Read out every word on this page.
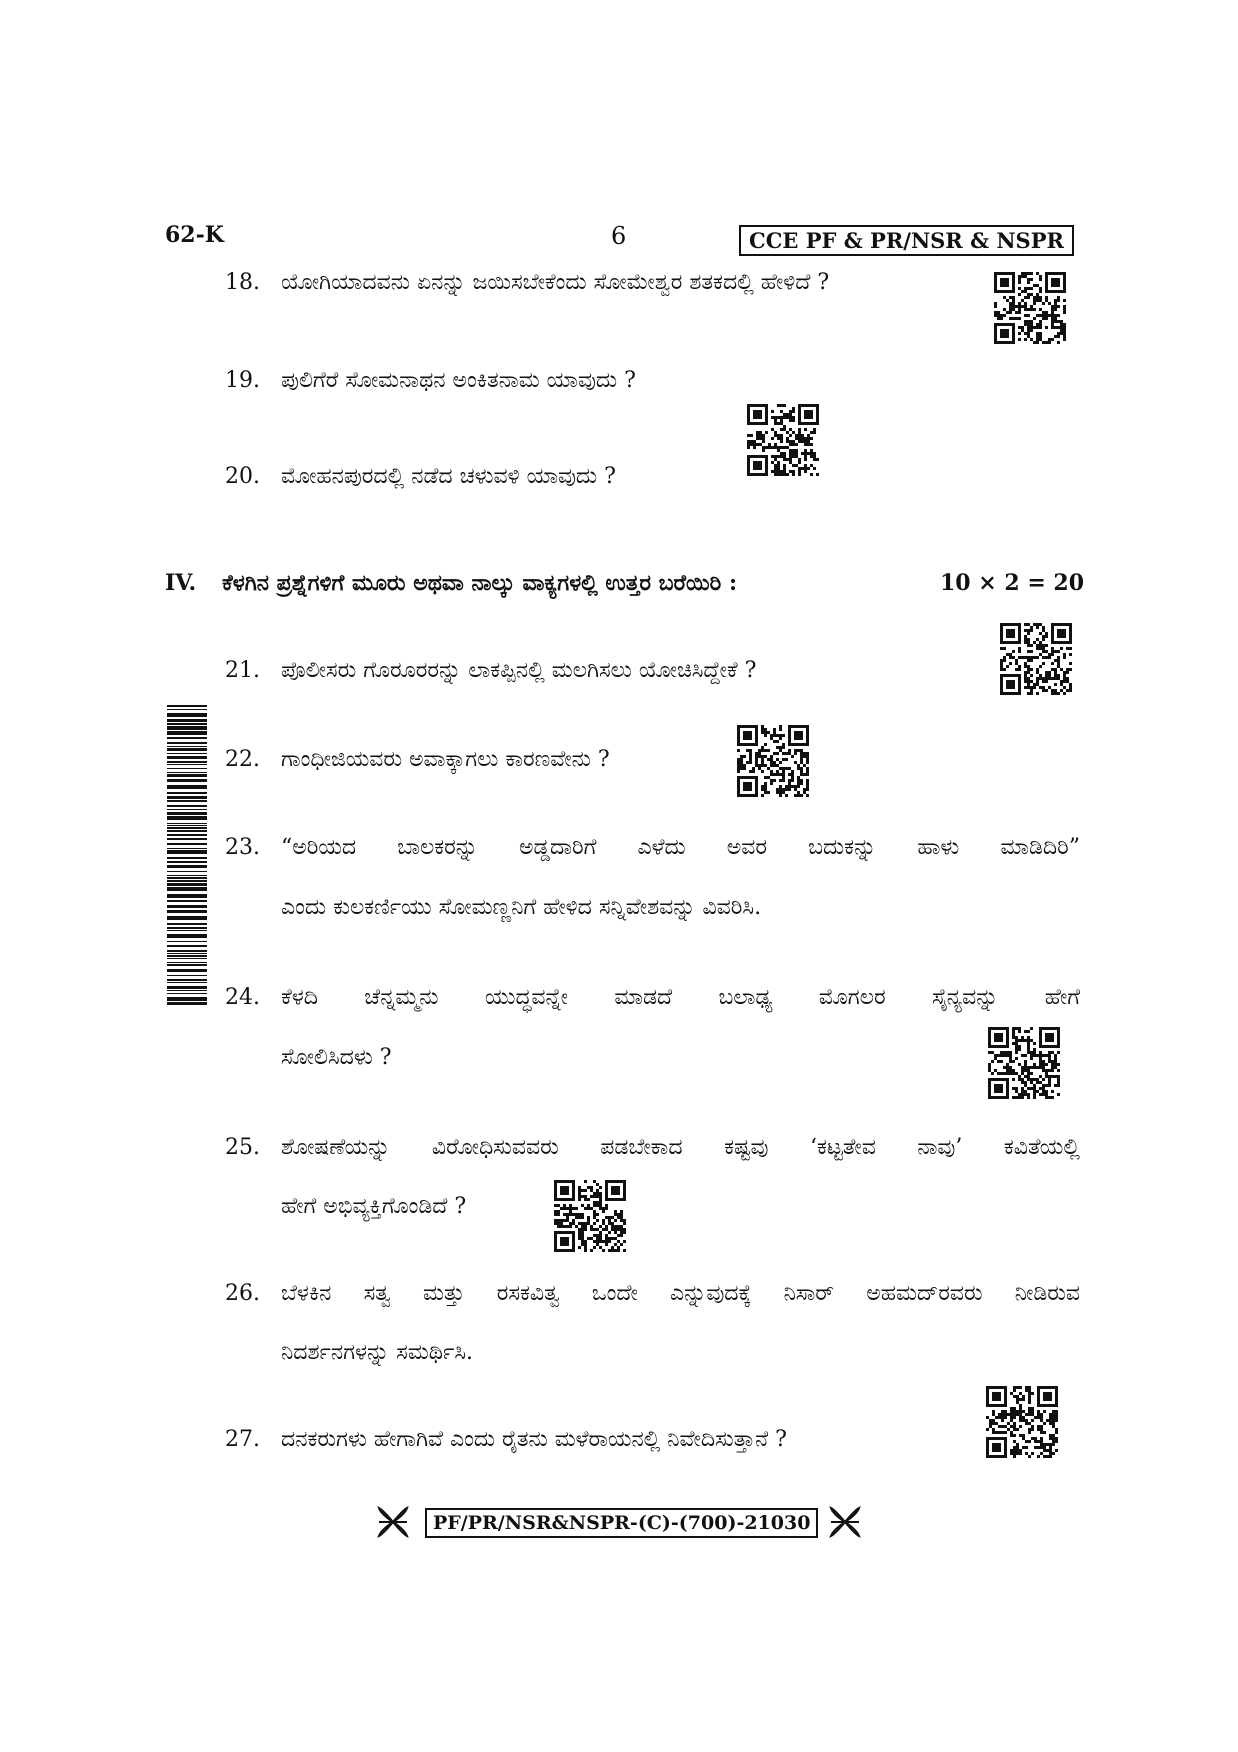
62-K	6	CCE PF & PR/NSR & NSPR
18. ಯೋಗಿಯಾದವನು ಏನನ್ನು ಜಯಿಸಬೇಕೆಂದು ಸೋಮೇಶ್ವರ ಶತಕದಲ್ಲಿ ಹೇಳಿದೆ ?
19. ಪುಲಿಗೆರೆ ಸೋಮನಾಥನ ಅಂಕಿತನಾಮ ಯಾವುದು ?
20. ಮೋಹನಪುರದಲ್ಲಿ ನಡೆದ ಚಳುವಳಿ ಯಾವುದು ?
IV. ಕೆಳಗಿನ ಪ್ರಶ್ನೆಗಳಿಗೆ ಮೂರು ಅಥವಾ ನಾಲ್ಕು ವಾಕ್ಯಗಳಲ್ಲಿ ಉತ್ತರ ಬರೆಯಿರಿ :	10 × 2 = 20
21. ಪೊಲೀಸರು ಗೊರೂರರನ್ನು ಲಾಕಪ್ಪಿನಲ್ಲಿ ಮಲಗಿಸಲು ಯೋಚಿಸಿದ್ದೇಕೆ ?
22. ಗಾಂಧೀಜಿಯವರು ಅವಾಕ್ಕಾಗಲು ಕಾರಣವೇನು ?
23. “ಅರಿಯದ ಬಾಲಕರನ್ನು ಅಡ್ಡದಾರಿಗೆ ಎಳೆದು ಅವರ ಬದುಕನ್ನು ಹಾಳು ಮಾಡಿದಿರಿ”
ಎಂದು ಕುಲಕರ್ಣಿಯು ಸೋಮಣ್ಣನಿಗೆ ಹೇಳಿದ ಸನ್ನಿವೇಶವನ್ನು ವಿವರಿಸಿ.
24. ಕೆಳದಿ ಚೆನ್ನಮ್ಮನು ಯುದ್ಧವನ್ನೇ ಮಾಡದೆ ಬಲಾಢ್ಯ ಮೊಗಲರ ಸೈನ್ಯವನ್ನು ಹೇಗೆ
ಸೋಲಿಸಿದಳು ?
25. ಶೋಷಣೆಯನ್ನು ವಿರೋಧಿಸುವವರು ಪಡಬೇಕಾದ ಕಷ್ಟವು ‘ಕಟ್ಟತೇವ ನಾವು’ ಕವಿತೆಯಲ್ಲಿ
ಹೇಗೆ ಅಭಿವ್ಯಕ್ತಿಗೊಂಡಿದೆ ?
26. ಬೆಳಕಿನ ಸತ್ವ ಮತ್ತು ರಸಕವಿತ್ವ ಒಂದೇ ಎನ್ನುವುದಕ್ಕೆ ನಿಸಾರ್ ಅಹಮದ್‌ರವರು ನೀಡಿರುವ
ನಿದರ್ಶನಗಳನ್ನು ಸಮರ್ಥಿಸಿ.
27. ದನಕರುಗಳು ಹೇಗಾಗಿವೆ ಎಂದು ರೈತನು ಮಳೆರಾಯನಲ್ಲಿ ನಿವೇದಿಸುತ್ತಾನೆ ?
PF/PR/NSR&NSPR-(C)-(700)-21030
